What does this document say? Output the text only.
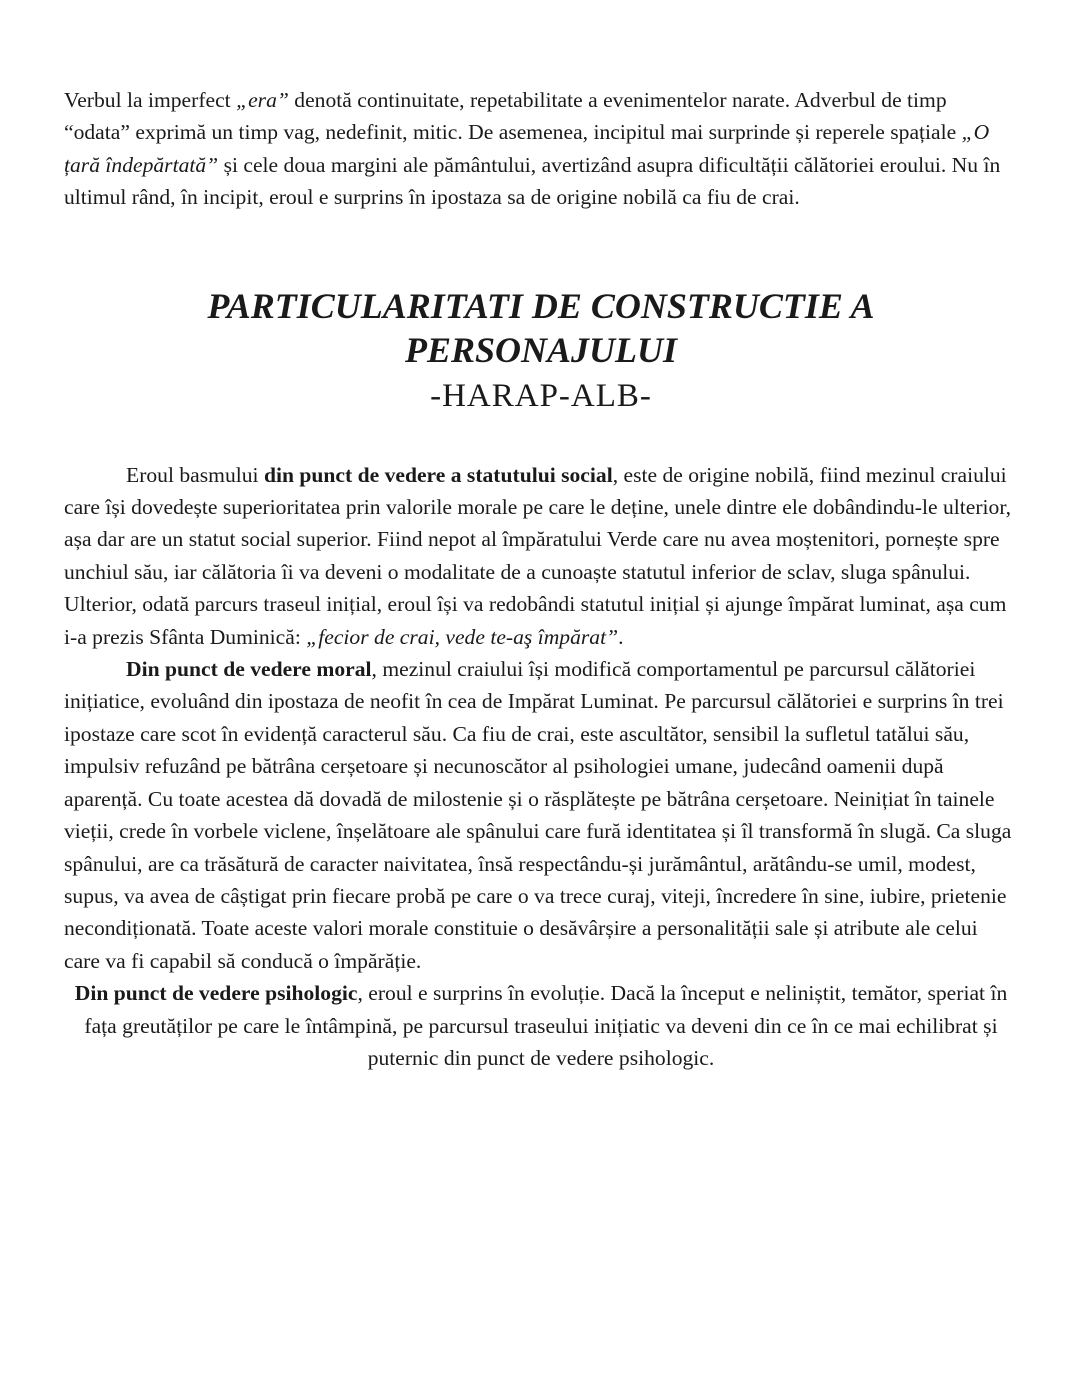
Verbul la imperfect „era” denotă continuitate, repetabilitate a evenimentelor narate. Adverbul de timp “odata” exprimă un timp vag, nedefinit, mitic. De asemenea, incipitul mai surprinde și reperele spațiale „O țară îndepărtată” și cele doua margini ale pământului, avertizând asupra dificultății călătoriei eroului. Nu în ultimul rând, în incipit, eroul e surprins în ipostaza sa de origine nobilă ca fiu de crai.

PARTICULARITATI DE CONSTRUCTIE A
PERSONAJULUI
-HARAP-ALB-

Eroul basmului din punct de vedere a statutului social, este de origine nobilă, fiind mezinul craiului care își dovedește superioritatea prin valorile morale pe care le deține, unele dintre ele dobândindu-le ulterior, așa dar are un statut social superior. Fiind nepot al împăratului Verde care nu avea moștenitori, pornește spre unchiul său, iar călătoria îi va deveni o modalitate de a cunoaște statutul inferior de sclav, sluga spânului. Ulterior, odată parcurs traseul inițial, eroul își va redobândi statutul inițial și ajunge împărat luminat, așa cum i-a prezis Sfânta Duminică: „fecior de crai, vede te-aş împărat”.

Din punct de vedere moral, mezinul craiului își modifică comportamentul pe parcursul călătoriei inițiatice, evoluând din ipostaza de neofit în cea de Impărat Luminat. Pe parcursul călătoriei e surprins în trei ipostaze care scot în evidență caracterul său. Ca fiu de crai, este ascultător, sensibil la sufletul tatălui său, impulsiv refuzând pe bătrâna cerșetoare și necunoscător al psihologiei umane, judecând oamenii după aparență. Cu toate acestea dă dovadă de milostenie și o răsplătește pe bătrâna cerșetoare. Neinițiat în tainele vieții, crede în vorbele viclene, înșelătoare ale spânului care fură identitatea și îl transformă în slugă. Ca sluga spânului, are ca trăsătură de caracter naivitatea, însă respectându-și jurământul, arătându-se umil, modest, supus, va avea de câștigat prin fiecare probă pe care o va trece curaj, viteji, încredere în sine, iubire, prietenie necondiționată. Toate aceste valori morale constituie o desăvârșire a personalității sale și atribute ale celui care va fi capabil să conducă o împărăție.

Din punct de vedere psihologic, eroul e surprins în evoluție. Dacă la început e neliniștit, temător, speriat în fața greutăților pe care le întâmpină, pe parcursul traseului inițiatic va deveni din ce în ce mai echilibrat și puternic din punct de vedere psihologic.
